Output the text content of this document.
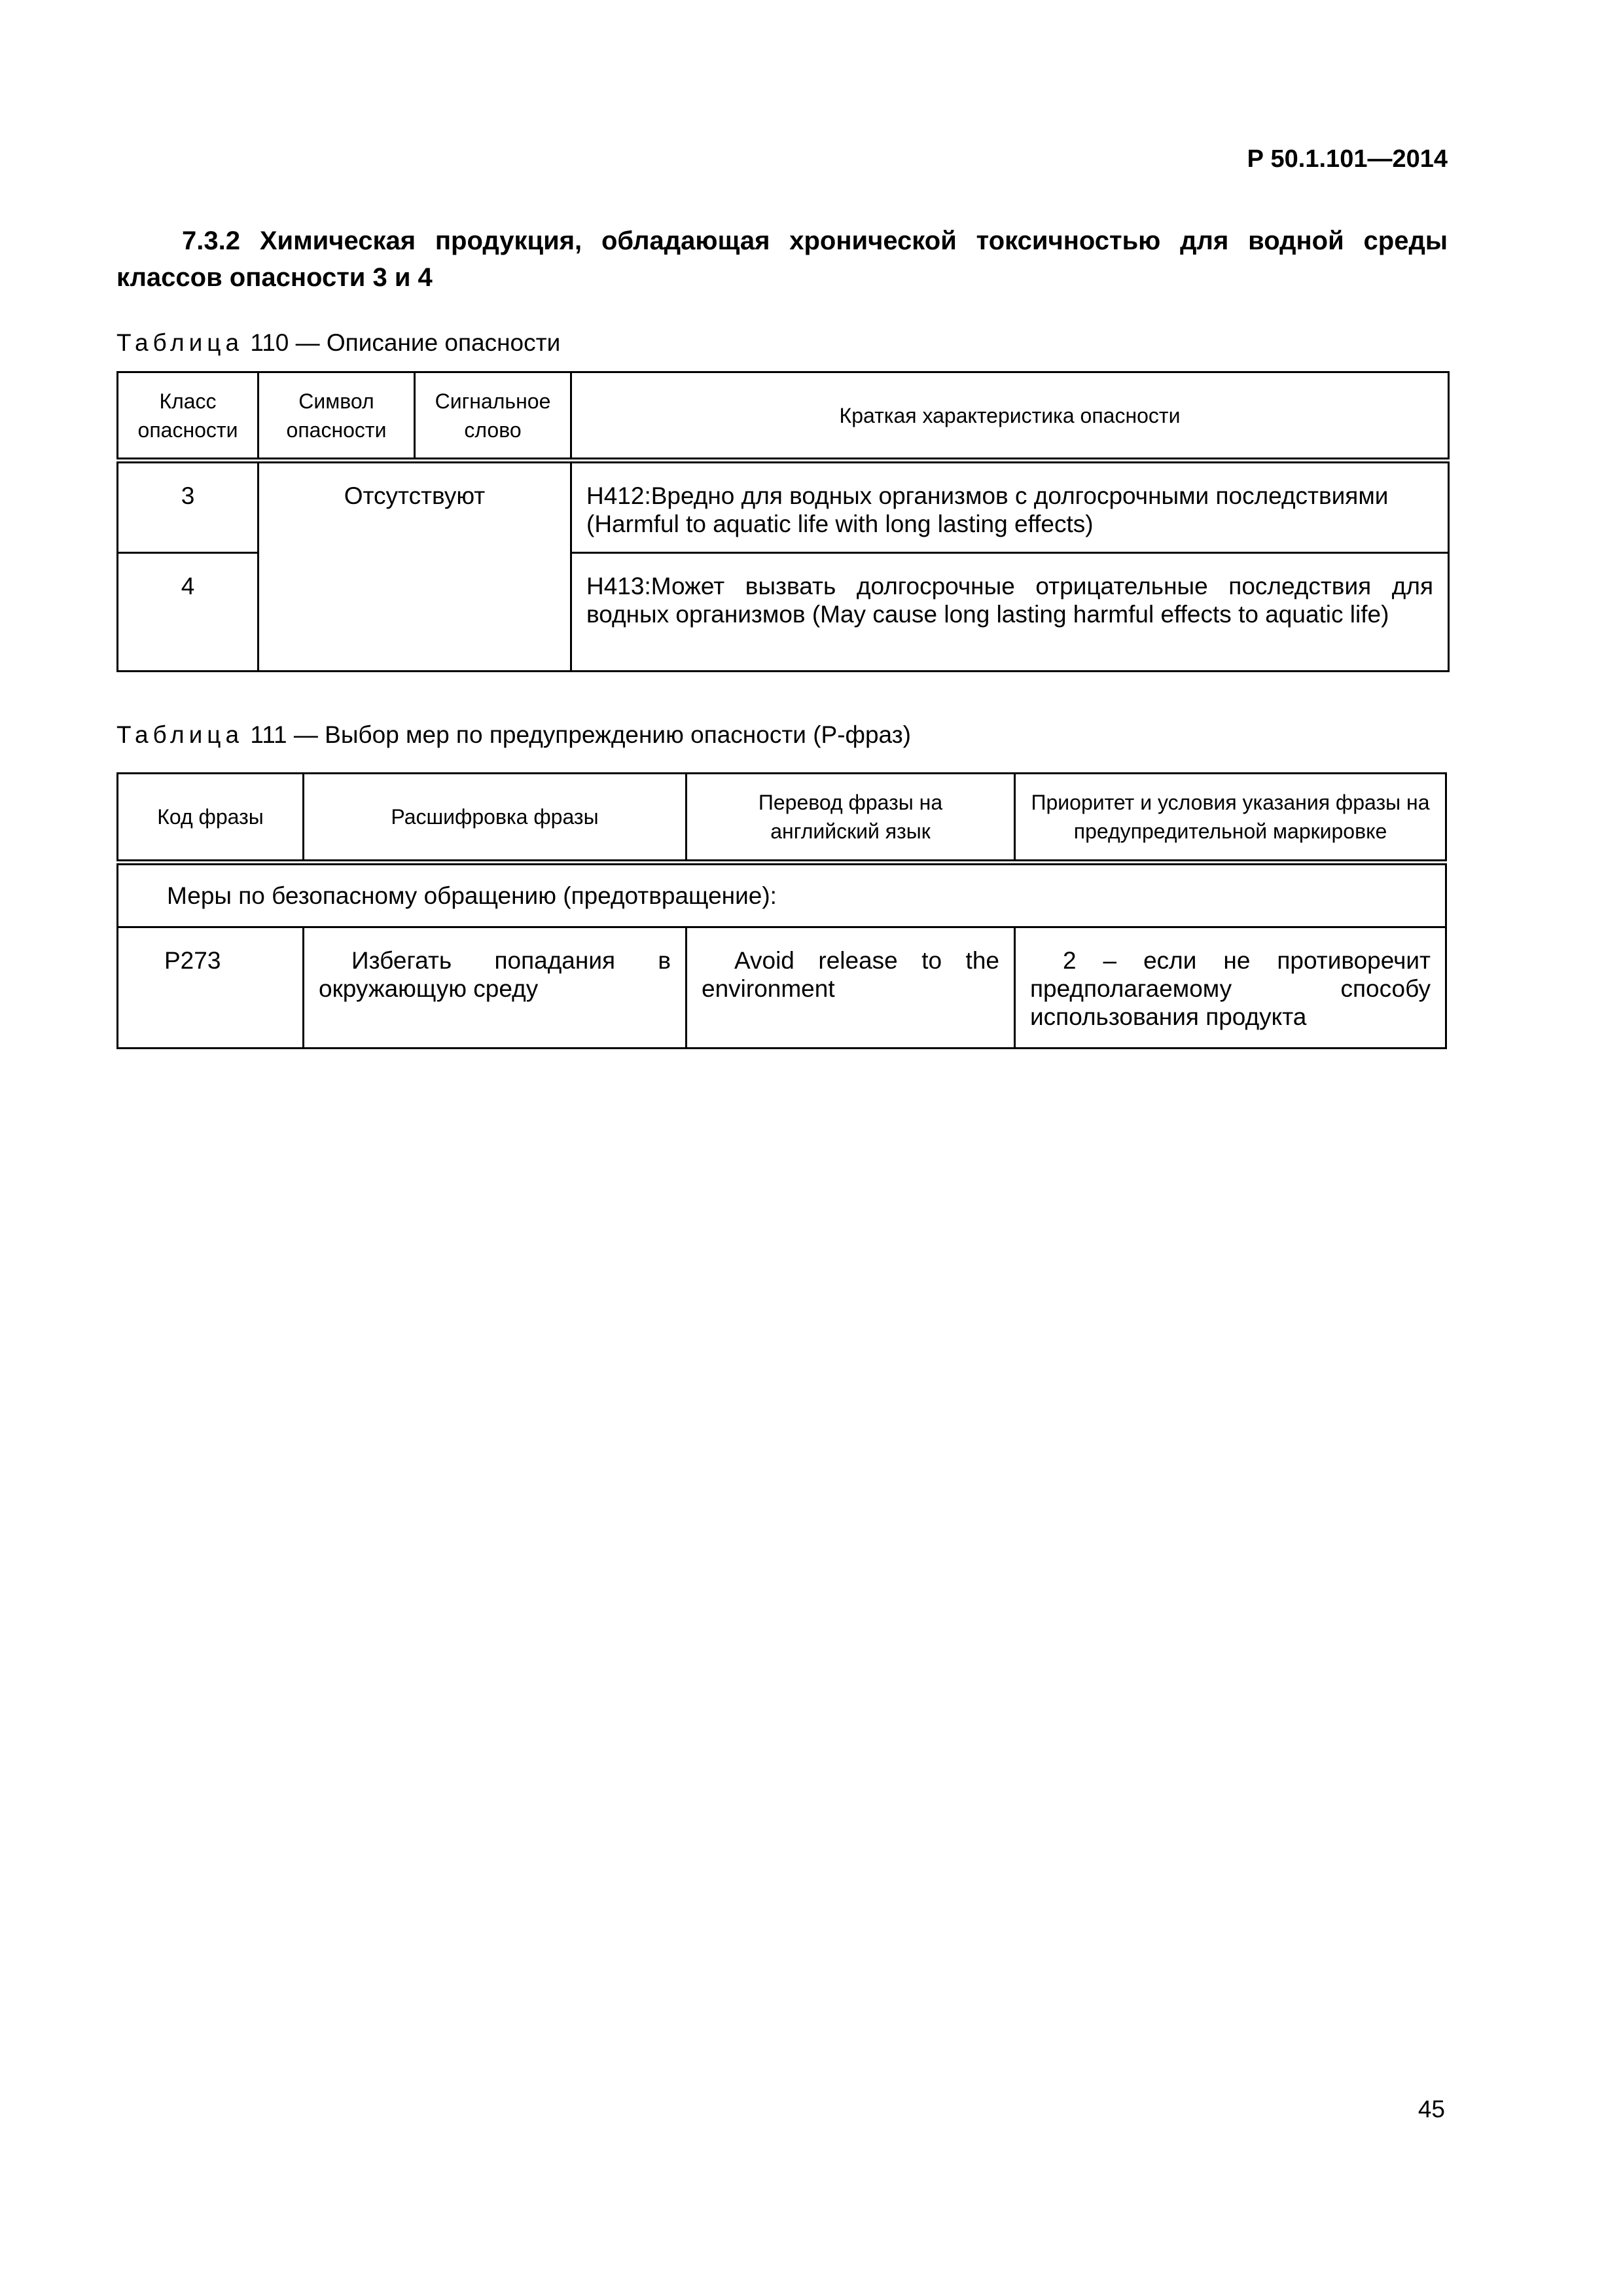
Р 50.1.101—2014
7.3.2 Химическая продукция, обладающая хронической токсичностью для водной среды классов опасности 3 и 4
Таблица 110 — Описание опасности
Класс опасности	Символ опасности	Сигнальное слово	Краткая характеристика опасности
3	Отсутствуют		H412:Вредно для водных организмов с долгосрочными последствиями (Harmful to aquatic life with long lasting effects)
4			H413:Может вызвать долгосрочные отрицательные последствия для водных организмов (May cause long lasting harmful effects to aquatic life)
Таблица 111 — Выбор мер по предупреждению опасности (Р-фраз)
Код фразы	Расшифровка фразы	Перевод фразы на английский язык	Приоритет и условия указания фразы на предупредительной маркировке
Меры по безопасному обращению (предотвращение):			
P273	Избегать попадания в окружающую среду	Avoid release to the environment	2 – если не противоречит предполагаемому способу использования продукта
45
